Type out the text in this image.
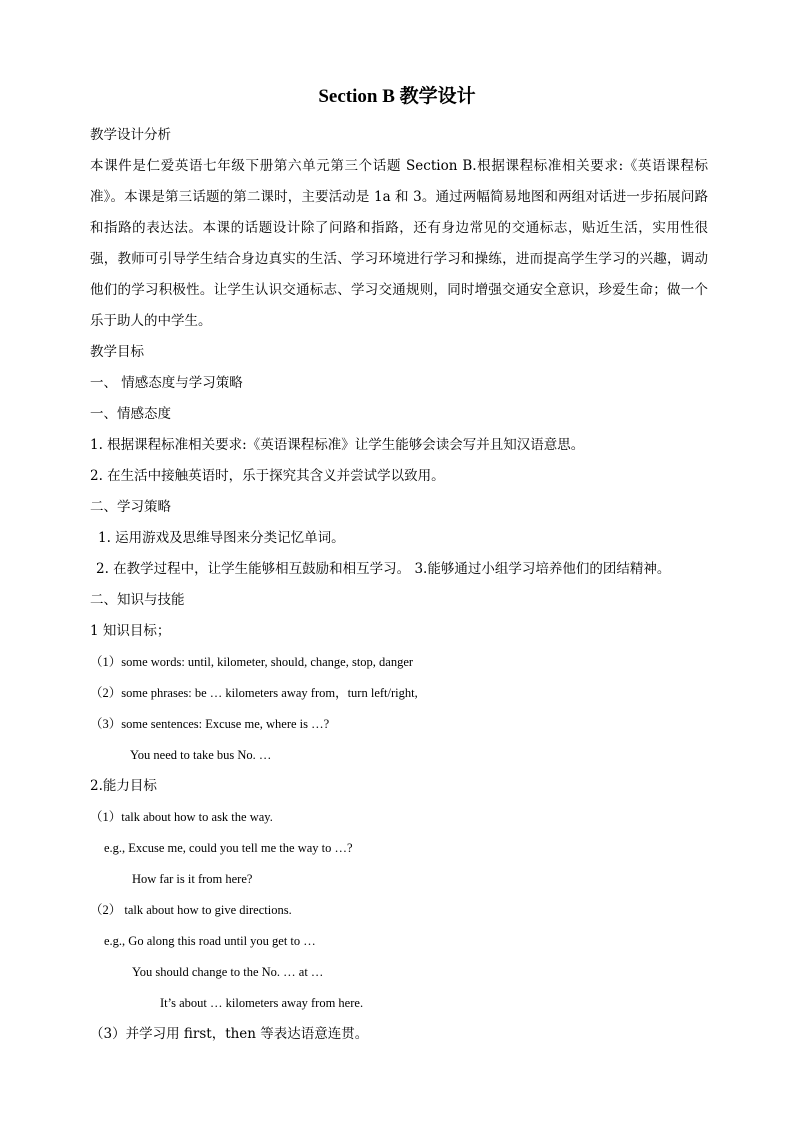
Section B 教学设计

教学设计分析

本课件是仁爱英语七年级下册第六单元第三个话题 Section B.根据课程标准相关要求:《英语课程标准》。本课是第三话题的第二课时，主要活动是 1a 和 3。通过两幅简易地图和两组对话进一步拓展问路和指路的表达法。本课的话题设计除了问路和指路，还有身边常见的交通标志，贴近生活，实用性很强，教师可引导学生结合身边真实的生活、学习环境进行学习和操练，进而提高学生学习的兴趣，调动他们的学习积极性。让学生认识交通标志、学习交通规则，同时增强交通安全意识，珍爱生命；做一个乐于助人的中学生。

教学目标

一、 情感态度与学习策略

一、情感态度

1. 根据课程标准相关要求:《英语课程标准》让学生能够会读会写并且知汉语意思。

2. 在生活中接触英语时，乐于探究其含义并尝试学以致用。

二、学习策略

1. 运用游戏及思维导图来分类记忆单词。

2. 在教学过程中，让学生能够相互鼓励和相互学习。 3.能够通过小组学习培养他们的团结精神。

二、知识与技能

1 知识目标；

（1）some words: until, kilometer, should, change, stop, danger

（2）some phrases: be … kilometers away from，turn left/right,

（3）some sentences: Excuse me, where is …?

You need to take bus No. …

2.能力目标

（1）talk about how to ask the way.

e.g., Excuse me, could you tell me the way to …?

How far is it from here?

（2） talk about how to give directions.

e.g., Go along this road until you get to …

You should change to the No. … at …

It’s about … kilometers away from here.

（3）并学习用 first，then 等表达语意连贯。
